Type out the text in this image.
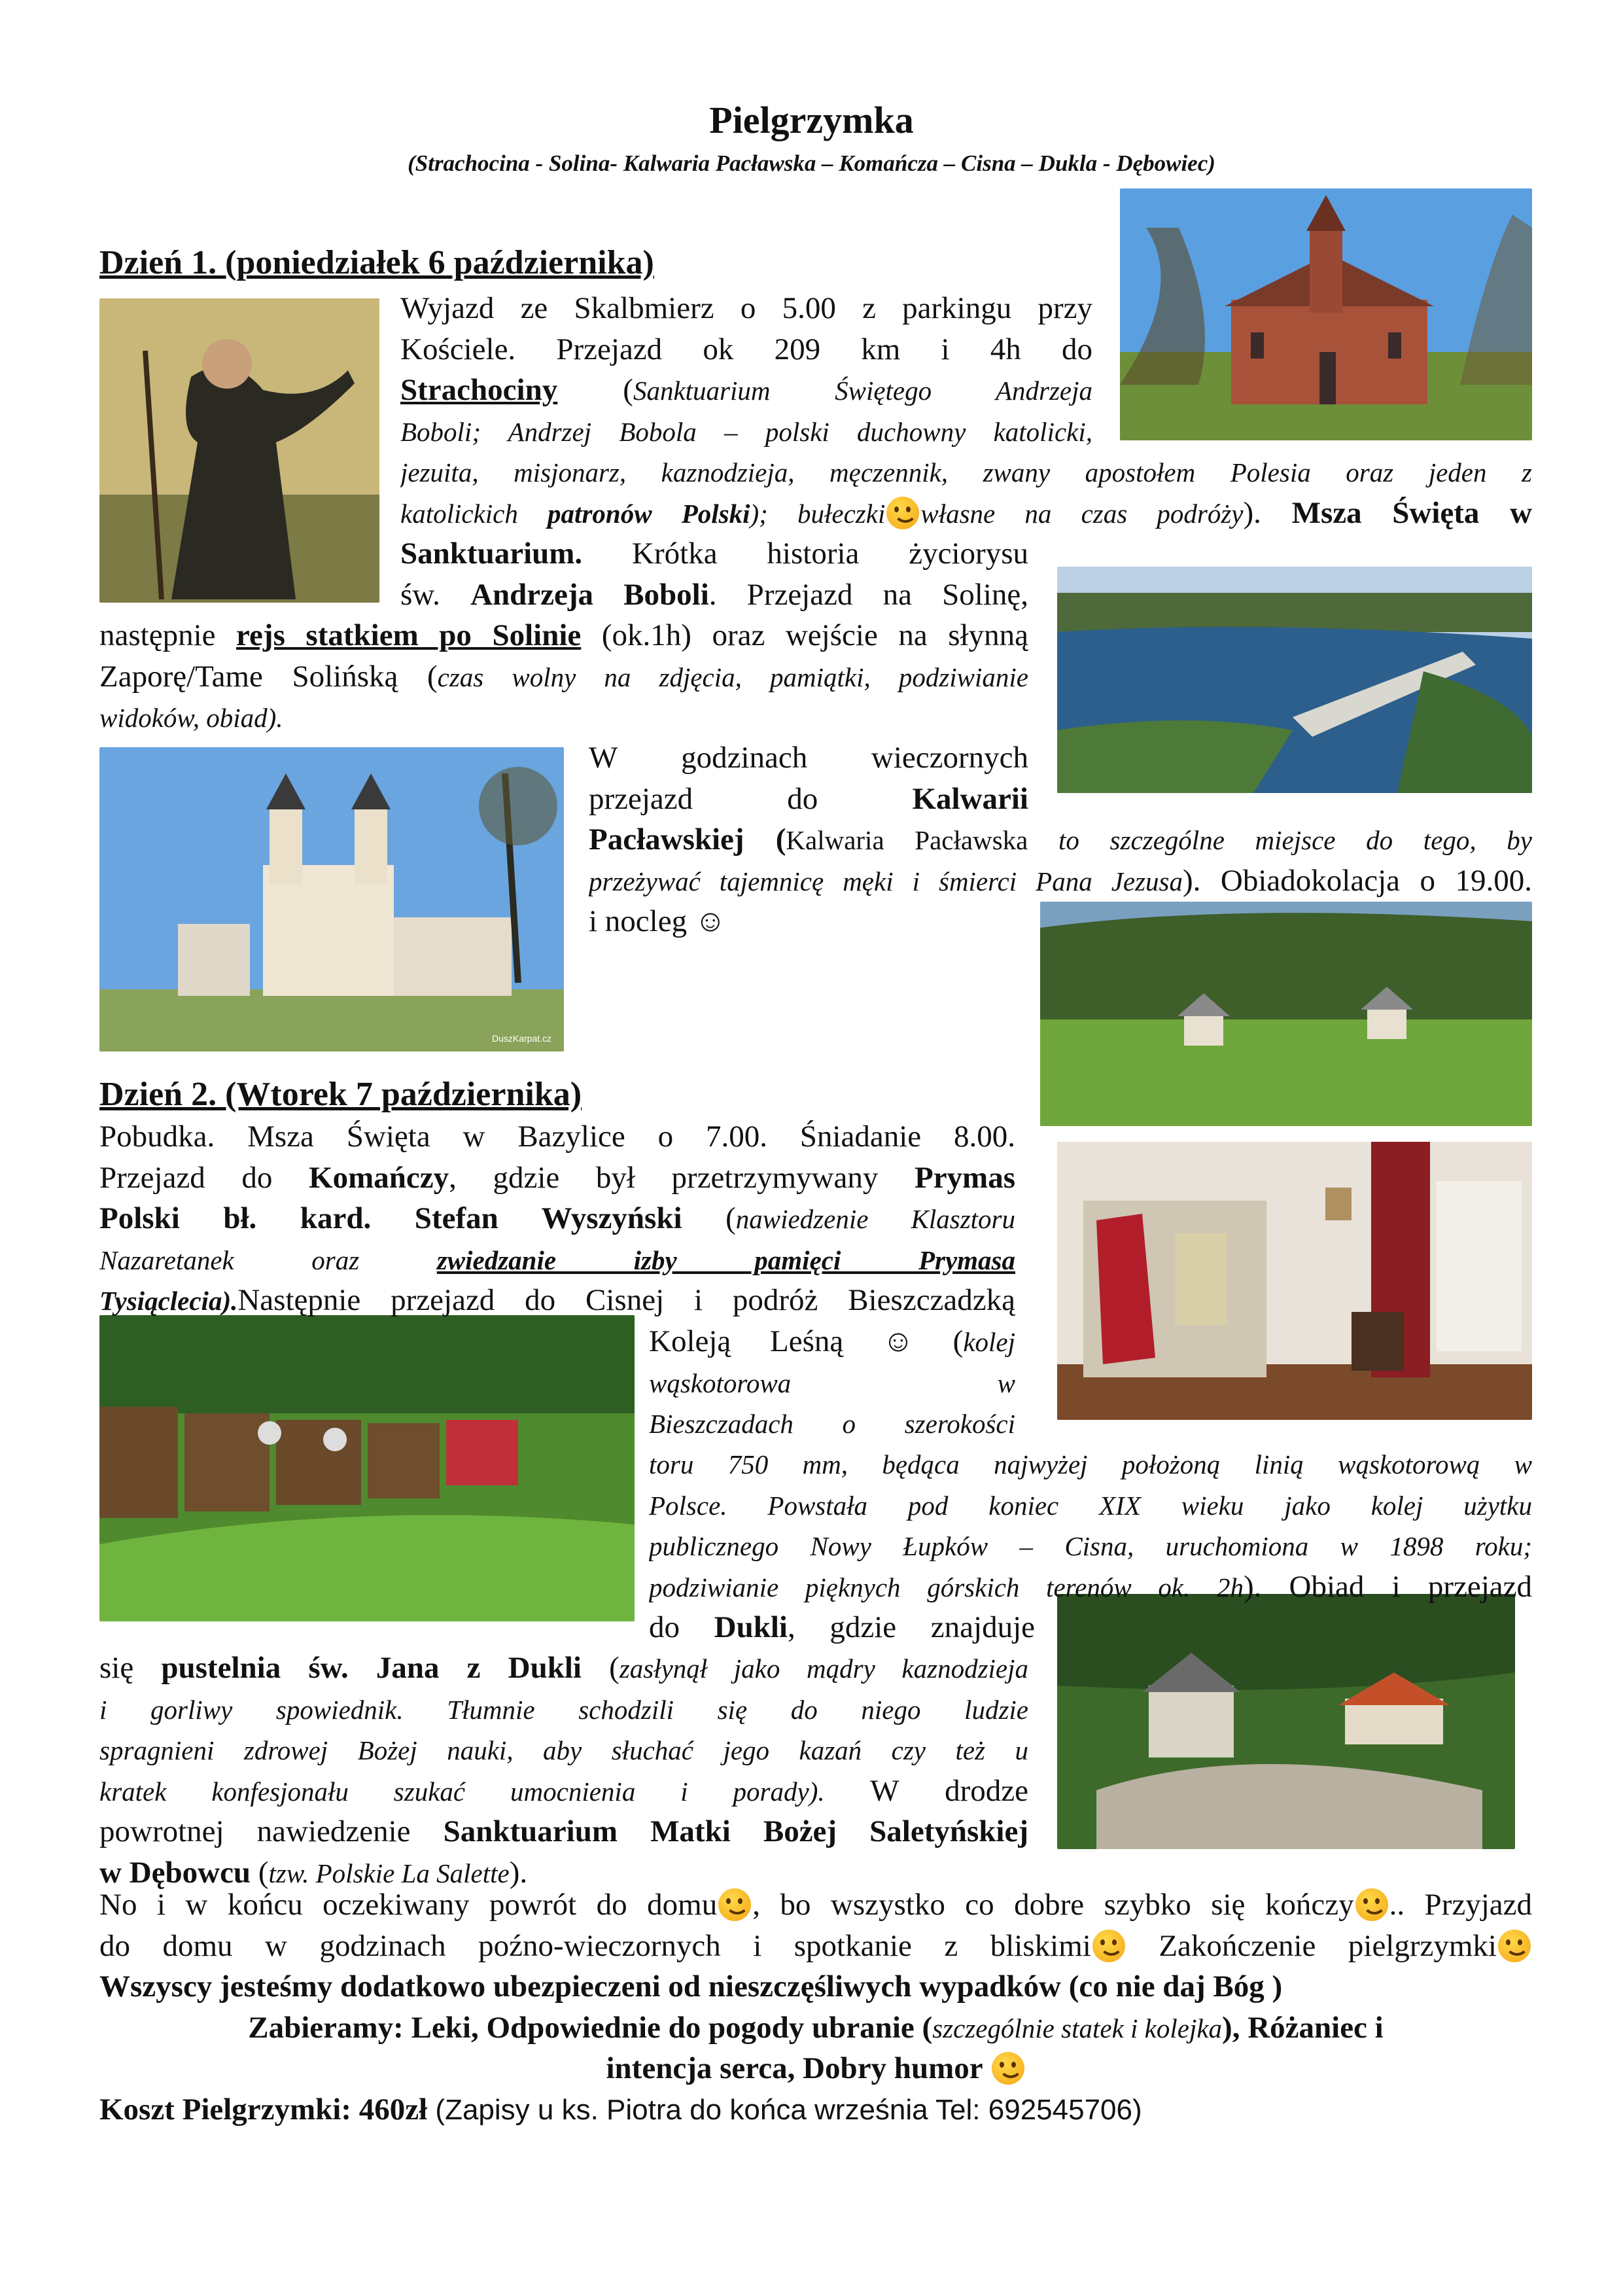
Pielgrzymka
(Strachocina - Solina- Kalwaria Pacławska – Komańcza – Cisna – Dukla - Dębowiec)
DuszKarpat.cz
Dzień 1. (poniedziałek 6 października)
Wyjazd ze Skalbmierz o 5.00 z parkingu przy
Kościele. Przejazd ok 209 km i 4h do
Strachociny (Sanktuarium Świętego Andrzeja
Boboli; Andrzej Bobola – polski duchowny katolicki,
jezuita, misjonarz, kaznodzieja, męczennik, zwany apostołem Polesia oraz jeden z
katolickich patronów Polski); bułeczki własne na czas podróży). Msza Święta w
Sanktuarium. Krótka historia życiorysu
św. Andrzeja Boboli. Przejazd na Solinę,
następnie rejs statkiem po Solinie (ok.1h) oraz wejście na słynną
Zaporę/Tame Solińską (czas wolny na zdjęcia, pamiątki, podziwianie
widoków, obiad).
W godzinach wieczornych
przejazd do Kalwarii
Pacławskiej (Kalwaria Pacławska to szczególne miejsce do tego, by
przeżywać tajemnicę męki i śmierci Pana Jezusa). Obiadokolacja o 19.00.
i nocleg ☺
Dzień 2. (Wtorek 7 października)
Pobudka. Msza Święta w Bazylice o 7.00. Śniadanie 8.00.
Przejazd do Komańczy, gdzie był przetrzymywany Prymas
Polski bł. kard. Stefan Wyszyński (nawiedzenie Klasztoru
Nazaretanek oraz zwiedzanie izby pamięci Prymasa
Tysiąclecia).Następnie przejazd do Cisnej i podróż Bieszczadzką
Koleją Leśną ☺ (kolej
wąskotorowa w
Bieszczadach o szerokości
toru 750 mm, będąca najwyżej położoną linią wąskotorową w
Polsce. Powstała pod koniec XIX wieku jako kolej użytku
publicznego Nowy Łupków – Cisna, uruchomiona w 1898 roku;
podziwianie pięknych górskich terenów ok. 2h). Obiad i przejazd
do Dukli, gdzie znajduje
się pustelnia św. Jana z Dukli (zasłynął jako mądry kaznodzieja
i gorliwy spowiednik. Tłumnie schodzili się do niego ludzie
spragnieni zdrowej Bożej nauki, aby słuchać jego kazań czy też u
kratek konfesjonału szukać umocnienia i porady). W drodze
powrotnej nawiedzenie Sanktuarium Matki Bożej Saletyńskiej
w Dębowcu (tzw. Polskie La Salette).
No i w końcu oczekiwany powrót do domu , bo wszystko co dobre szybko się kończy .. Przyjazd
do domu w godzinach poźno-wieczornych i spotkanie z bliskimi Zakończenie pielgrzymki
Wszyscy jesteśmy dodatkowo ubezpieczeni od nieszczęśliwych wypadków (co nie daj Bóg )
Zabieramy: Leki, Odpowiednie do pogody ubranie (szczególnie statek i kolejka), Różaniec i
intencja serca, Dobry humor
Koszt Pielgrzymki: 460zł (Zapisy u ks. Piotra do końca września Tel: 692545706)
